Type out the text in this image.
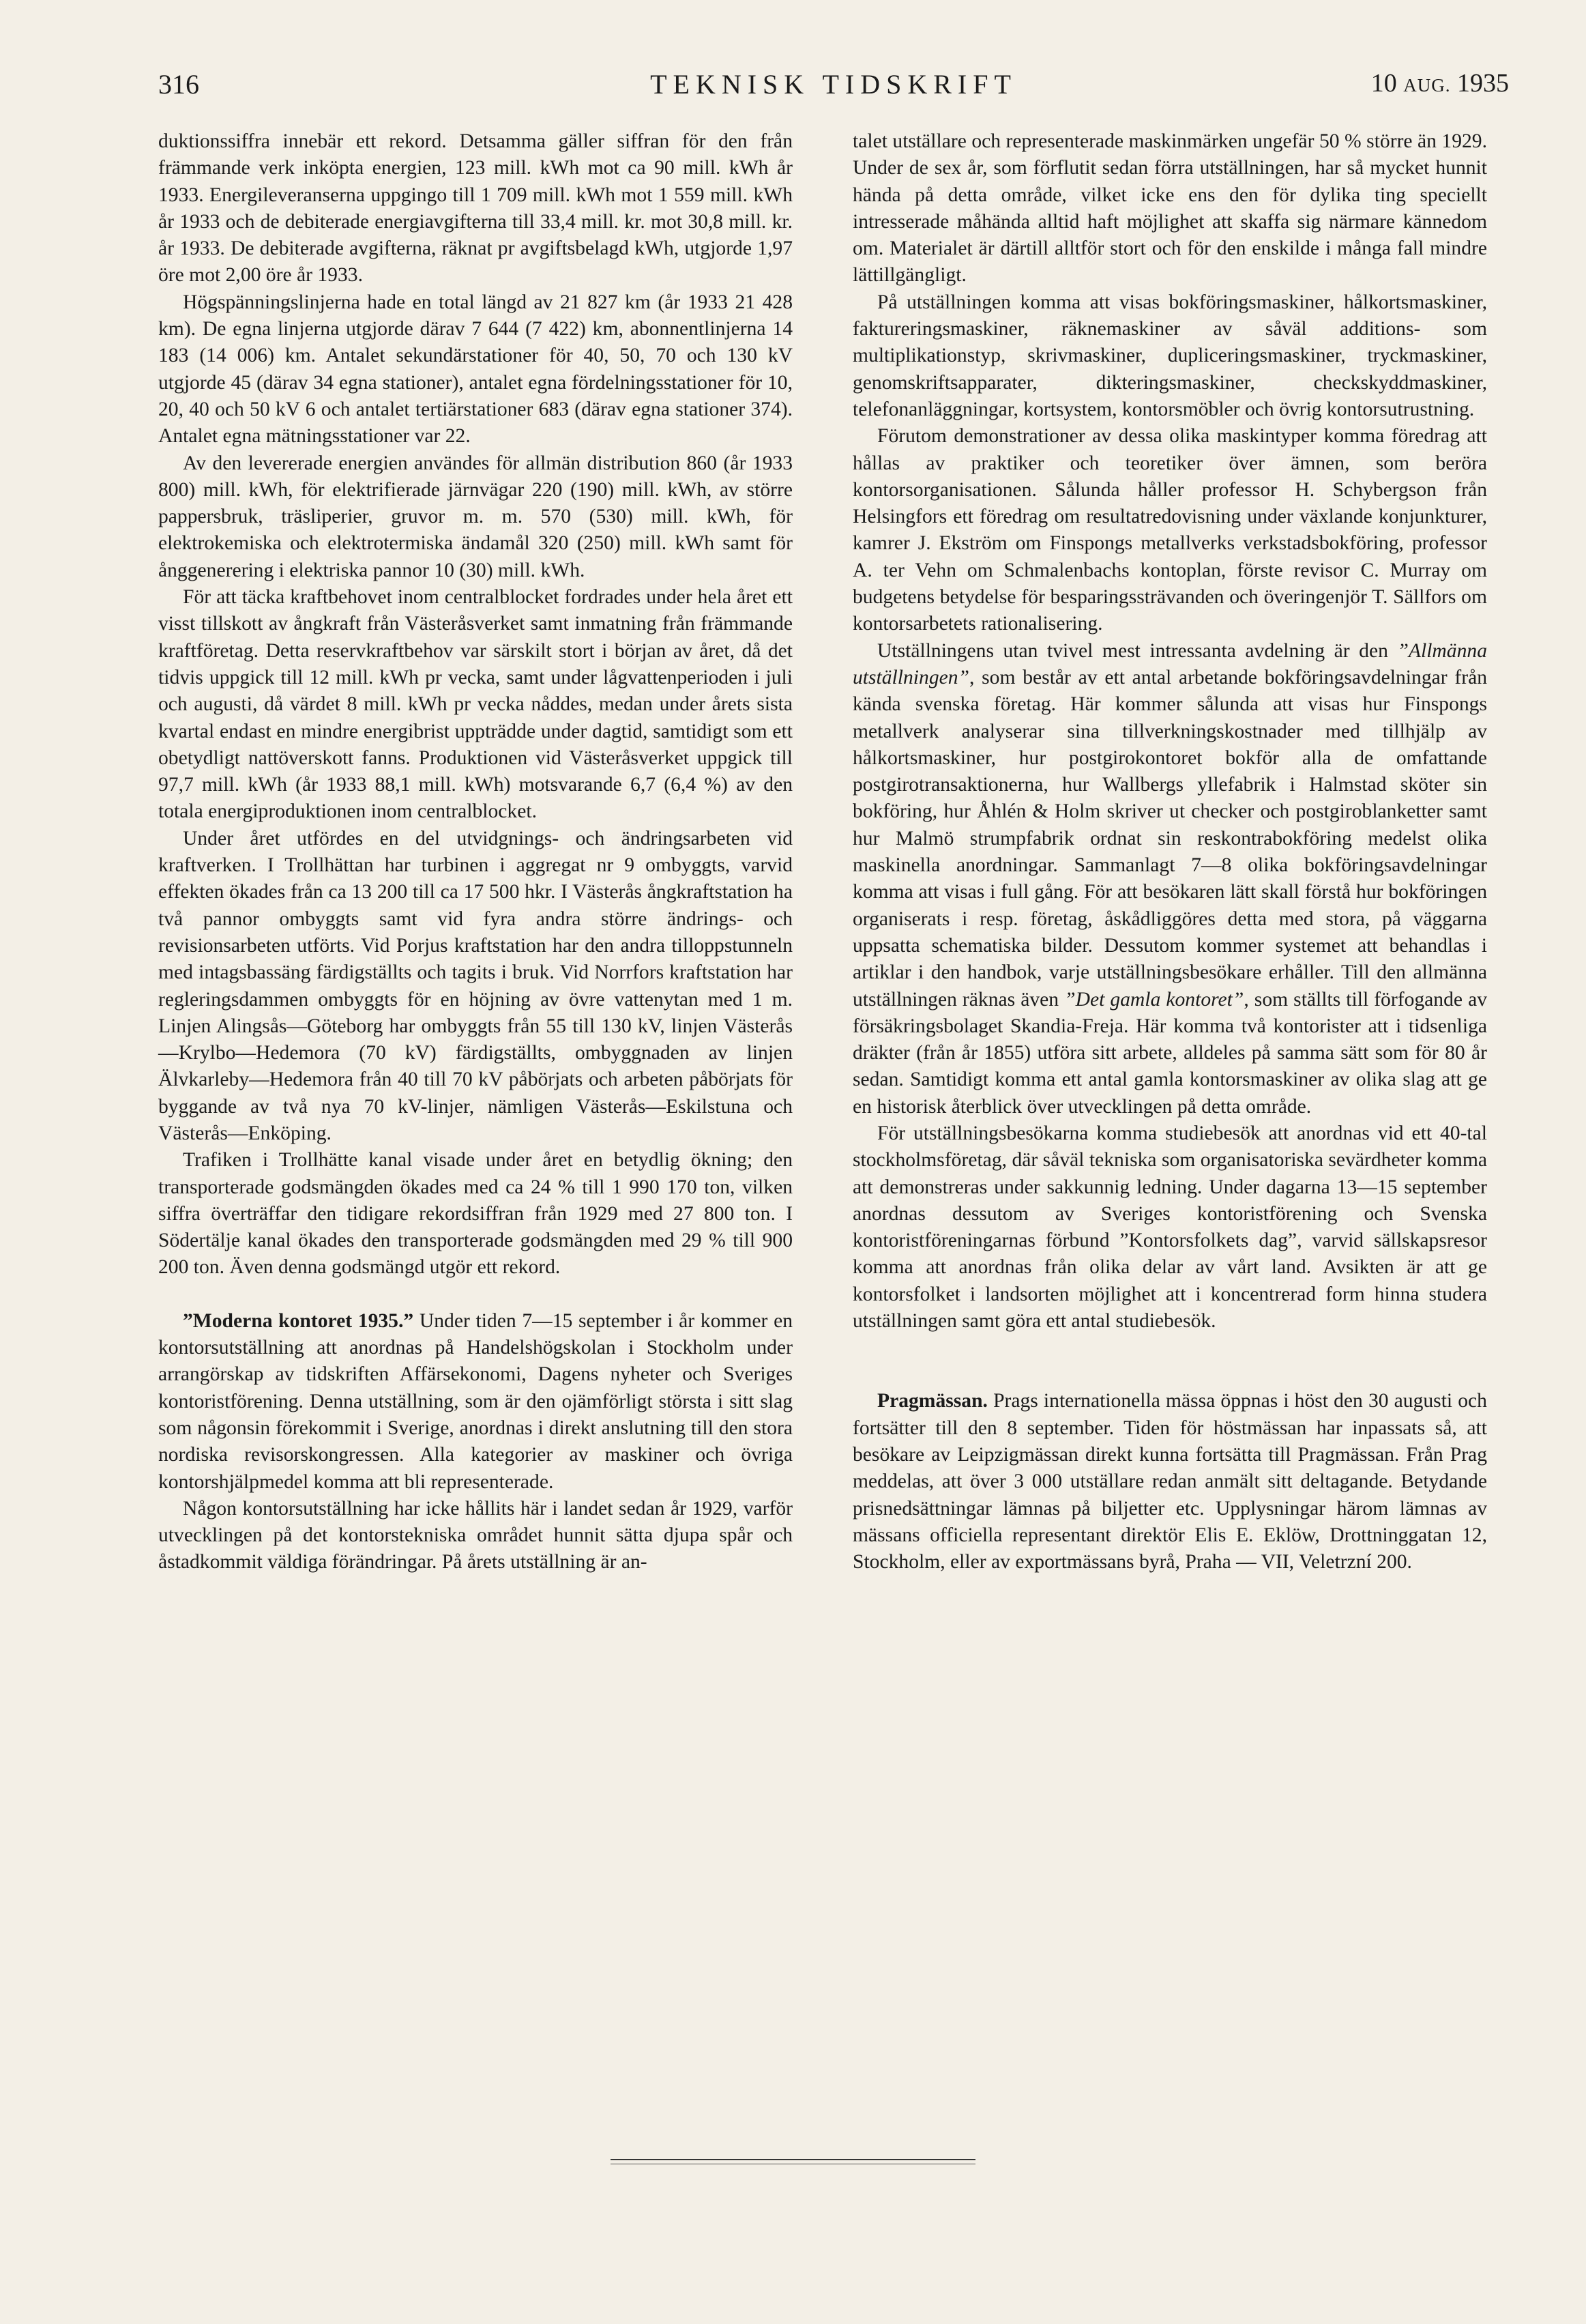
316	TEKNISK TIDSKRIFT	10 AUG. 1935

duktionssiffra innebär ett rekord. Detsamma gäller siffran för den från främmande verk inköpta energien, 123 mill. kWh mot ca 90 mill. kWh år 1933. Energileveranserna uppgingo till 1 709 mill. kWh mot 1 559 mill. kWh år 1933 och de debiterade energiavgifterna till 33,4 mill. kr. mot 30,8 mill. kr. år 1933. De debiterade avgifterna, räknat pr avgiftsbelagd kWh, utgjorde 1,97 öre mot 2,00 öre år 1933.

Högspänningslinjerna hade en total längd av 21 827 km (år 1933 21 428 km). De egna linjerna utgjorde därav 7 644 (7 422) km, abonnentlinjerna 14 183 (14 006) km. Antalet sekundärstationer för 40, 50, 70 och 130 kV utgjorde 45 (därav 34 egna stationer), antalet egna fördelningsstationer för 10, 20, 40 och 50 kV 6 och antalet tertiärstationer 683 (därav egna stationer 374). Antalet egna mätningsstationer var 22.

Av den levererade energien användes för allmän distribution 860 (år 1933 800) mill. kWh, för elektrifierade järnvägar 220 (190) mill. kWh, av större pappersbruk, träsliperier, gruvor m. m. 570 (530) mill. kWh, för elektrokemiska och elektrotermiska ändamål 320 (250) mill. kWh samt för ånggenerering i elektriska pannor 10 (30) mill. kWh.

För att täcka kraftbehovet inom centralblocket fordrades under hela året ett visst tillskott av ångkraft från Västeråsverket samt inmatning från främmande kraftföretag. Detta reservkraftbehov var särskilt stort i början av året, då det tidvis uppgick till 12 mill. kWh pr vecka, samt under lågvattenperioden i juli och augusti, då värdet 8 mill. kWh pr vecka nåddes, medan under årets sista kvartal endast en mindre energibrist uppträdde under dagtid, samtidigt som ett obetydligt nattöverskott fanns. Produktionen vid Västeråsverket uppgick till 97,7 mill. kWh (år 1933 88,1 mill. kWh) motsvarande 6,7 (6,4 %) av den totala energiproduktionen inom centralblocket.

Under året utfördes en del utvidgnings- och ändringsarbeten vid kraftverken. I Trollhättan har turbinen i aggregat nr 9 ombyggts, varvid effekten ökades från ca 13 200 till ca 17 500 hkr. I Västerås ångkraftstation ha två pannor ombyggts samt vid fyra andra större ändrings- och revisionsarbeten utförts. Vid Porjus kraftstation har den andra tilloppstunneln med intagsbassäng färdigställts och tagits i bruk. Vid Norrfors kraftstation har regleringsdammen ombyggts för en höjning av övre vattenytan med 1 m. Linjen Alingsås—Göteborg har ombyggts från 55 till 130 kV, linjen Västerås—Krylbo—Hedemora (70 kV) färdigställts, ombyggnaden av linjen Älvkarleby—Hedemora från 40 till 70 kV påbörjats och arbeten påbörjats för byggande av två nya 70 kV-linjer, nämligen Västerås—Eskilstuna och Västerås—Enköping.

Trafiken i Trollhätte kanal visade under året en betydlig ökning; den transporterade godsmängden ökades med ca 24 % till 1 990 170 ton, vilken siffra överträffar den tidigare rekordsiffran från 1929 med 27 800 ton. I Södertälje kanal ökades den transporterade godsmängden med 29 % till 900 200 ton. Även denna godsmängd utgör ett rekord.

”Moderna kontoret 1935.” Under tiden 7—15 september i år kommer en kontorsutställning att anordnas på Handelshögskolan i Stockholm under arrangörskap av tidskriften Affärsekonomi, Dagens nyheter och Sveriges kontoristförening. Denna utställning, som är den ojämförligt största i sitt slag som någonsin förekommit i Sverige, anordnas i direkt anslutning till den stora nordiska revisorskongressen. Alla kategorier av maskiner och övriga kontorshjälpmedel komma att bli representerade.

Någon kontorsutställning har icke hållits här i landet sedan år 1929, varför utvecklingen på det kontorstekniska området hunnit sätta djupa spår och åstadkommit väldiga förändringar. På årets utställning är an-

talet utställare och representerade maskinmärken ungefär 50 % större än 1929. Under de sex år, som förflutit sedan förra utställningen, har så mycket hunnit hända på detta område, vilket icke ens den för dylika ting speciellt intresserade måhända alltid haft möjlighet att skaffa sig närmare kännedom om. Materialet är därtill alltför stort och för den enskilde i många fall mindre lättillgängligt.

På utställningen komma att visas bokföringsmaskiner, hålkortsmaskiner, faktureringsmaskiner, räknemaskiner av såväl additions- som multiplikationstyp, skrivmaskiner, dupliceringsmaskiner, tryckmaskiner, genomskriftsapparater, dikteringsmaskiner, checkskyddmaskiner, telefonanläggningar, kortsystem, kontorsmöbler och övrig kontorsutrustning.

Förutom demonstrationer av dessa olika maskintyper komma föredrag att hållas av praktiker och teoretiker över ämnen, som beröra kontorsorganisationen. Sålunda håller professor H. Schybergson från Helsingfors ett föredrag om resultatredovisning under växlande konjunkturer, kamrer J. Ekström om Finspongs metallverks verkstadsbokföring, professor A. ter Vehn om Schmalenbachs kontoplan, förste revisor C. Murray om budgetens betydelse för besparingssträvanden och överingenjör T. Sällfors om kontorsarbetets rationalisering.

Utställningens utan tvivel mest intressanta avdelning är den ”Allmänna utställningen”, som består av ett antal arbetande bokföringsavdelningar från kända svenska företag. Här kommer sålunda att visas hur Finspongs metallverk analyserar sina tillverkningskostnader med tillhjälp av hålkortsmaskiner, hur postgirokontoret bokför alla de omfattande postgirotransaktionerna, hur Wallbergs yllefabrik i Halmstad sköter sin bokföring, hur Åhlén & Holm skriver ut checker och postgiroblanketter samt hur Malmö strumpfabrik ordnat sin reskontrabokföring medelst olika maskinella anordningar. Sammanlagt 7—8 olika bokföringsavdelningar komma att visas i full gång. För att besökaren lätt skall förstå hur bokföringen organiserats i resp. företag, åskådliggöres detta med stora, på väggarna uppsatta schematiska bilder. Dessutom kommer systemet att behandlas i artiklar i den handbok, varje utställningsbesökare erhåller. Till den allmänna utställningen räknas även ”Det gamla kontoret”, som ställts till förfogande av försäkringsbolaget Skandia-Freja. Här komma två kontorister att i tidsenliga dräkter (från år 1855) utföra sitt arbete, alldeles på samma sätt som för 80 år sedan. Samtidigt komma ett antal gamla kontorsmaskiner av olika slag att ge en historisk återblick över utvecklingen på detta område.

För utställningsbesökarna komma studiebesök att anordnas vid ett 40-tal stockholmsföretag, där såväl tekniska som organisatoriska sevärdheter komma att demonstreras under sakkunnig ledning. Under dagarna 13—15 september anordnas dessutom av Sveriges kontoristförening och Svenska kontoristföreningarnas förbund ”Kontorsfolkets dag”, varvid sällskapsresor komma att anordnas från olika delar av vårt land. Avsikten är att ge kontorsfolket i landsorten möjlighet att i koncentrerad form hinna studera utställningen samt göra ett antal studiebesök.

Pragmässan. Prags internationella mässa öppnas i höst den 30 augusti och fortsätter till den 8 september. Tiden för höstmässan har inpassats så, att besökare av Leipzigmässan direkt kunna fortsätta till Pragmässan. Från Prag meddelas, att över 3 000 utställare redan anmält sitt deltagande. Betydande prisnedsättningar lämnas på biljetter etc. Upplysningar härom lämnas av mässans officiella representant direktör Elis E. Eklöw, Drottninggatan 12, Stockholm, eller av exportmässans byrå, Praha — VII, Veletrzní 200.
